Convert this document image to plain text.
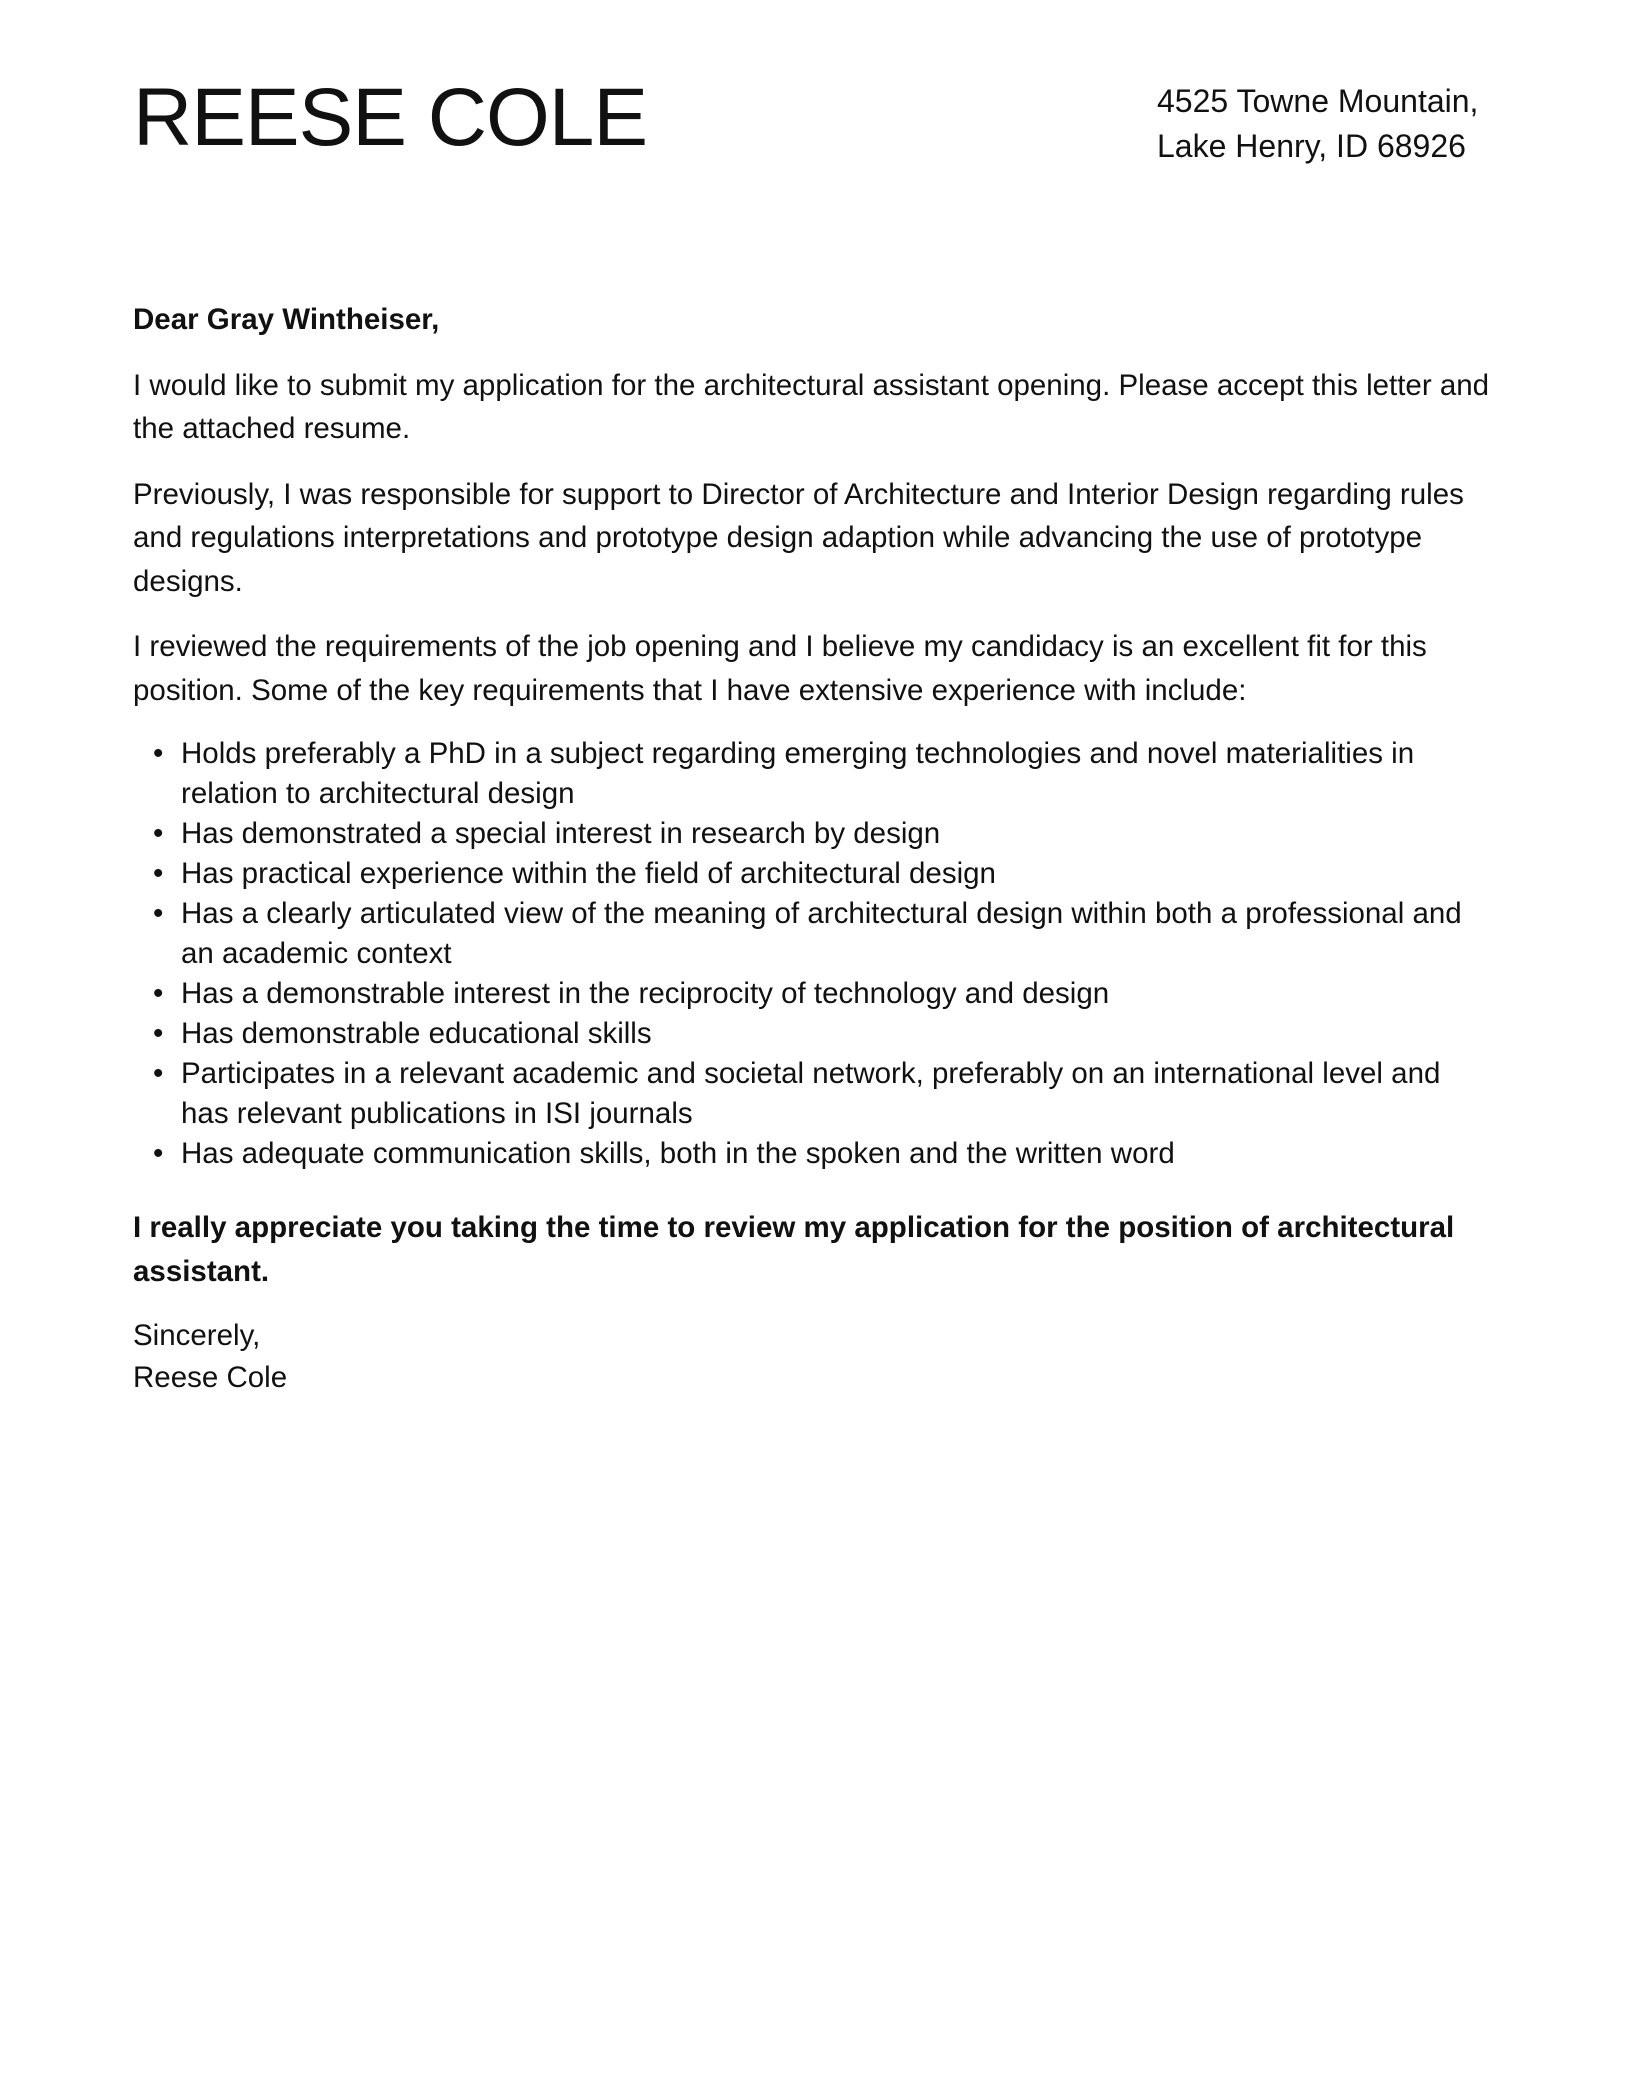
REESE COLE	4525 Towne Mountain,
Lake Henry, ID 68926

Dear Gray Wintheiser,

I would like to submit my application for the architectural assistant opening. Please accept this letter and the attached resume.

Previously, I was responsible for support to Director of Architecture and Interior Design regarding rules and regulations interpretations and prototype design adaption while advancing the use of prototype designs.

I reviewed the requirements of the job opening and I believe my candidacy is an excellent fit for this position. Some of the key requirements that I have extensive experience with include:

• Holds preferably a PhD in a subject regarding emerging technologies and novel materialities in relation to architectural design
• Has demonstrated a special interest in research by design
• Has practical experience within the field of architectural design
• Has a clearly articulated view of the meaning of architectural design within both a professional and an academic context
• Has a demonstrable interest in the reciprocity of technology and design
• Has demonstrable educational skills
• Participates in a relevant academic and societal network, preferably on an international level and has relevant publications in ISI journals
• Has adequate communication skills, both in the spoken and the written word

I really appreciate you taking the time to review my application for the position of architectural assistant.

Sincerely,
Reese Cole
